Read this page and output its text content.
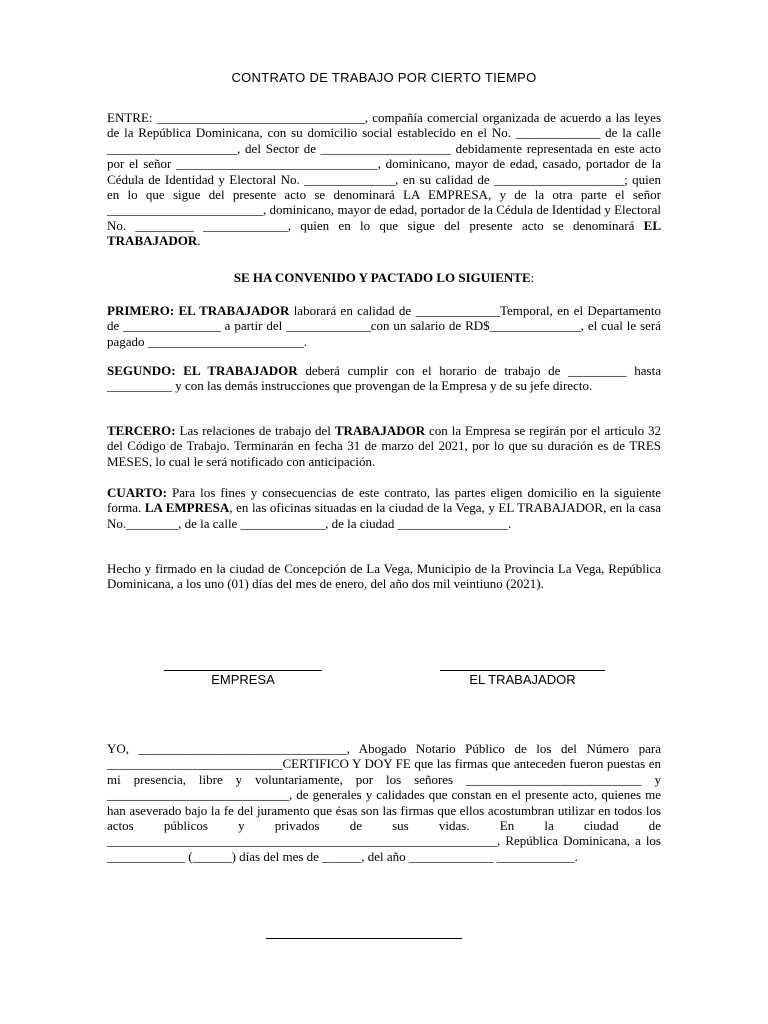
CONTRATO DE TRABAJO POR CIERTO TIEMPO
ENTRE: ________________________________, compañía comercial organizada de acuerdo a las leyes de la República Dominicana, con su domicilio social establecido en el No. _____________ de la calle ____________________, del Sector de ____________________ debidamente representada en este acto por el señor _______________________________, dominicano, mayor de edad, casado, portador de la Cédula de Identidad y Electoral No. ______________, en su calidad de ____________________; quien en lo que sigue del presente acto se denominará LA EMPRESA, y de la otra parte el señor ________________________, dominicano, mayor de edad, portador de la Cédula de Identidad y Electoral No. _________ _____________, quien en lo que sigue del presente acto se denominará EL TRABAJADOR.
SE HA CONVENIDO Y PACTADO LO SIGUIENTE:
PRIMERO: EL TRABAJADOR laborará en calidad de _____________Temporal, en el Departamento de _______________ a partir del _____________con un salario de RD$______________, el cual le será pagado ________________________.
SEGUNDO: EL TRABAJADOR deberá cumplir con el horario de trabajo de _________ hasta __________ y con las demás instrucciones que provengan de la Empresa y de su jefe directo.
TERCERO: Las relaciones de trabajo del TRABAJADOR con la Empresa se regirán por el articulo 32 del Código de Trabajo. Terminarán en fecha 31 de marzo del 2021, por lo que su duración es de TRES MESES, lo cual le será notificado con anticipación.
CUARTO: Para los fines y consecuencias de este contrato, las partes eligen domicilio en la siguiente forma. LA EMPRESA, en las oficinas situadas en la ciudad de la Vega, y EL TRABAJADOR, en la casa No.________, de la calle _____________, de la ciudad _________________.
Hecho y firmado en la ciudad de Concepción de La Vega, Municipio de la Provincia La Vega, República Dominicana, a los uno (01) días del mes de enero, del año dos mil veintiuno (2021).
YO, ________________________________, Abogado Notario Público de los del Número para ___________________________CERTIFICO Y DOY FE que las firmas que anteceden fueron puestas en mi presencia, libre y voluntariamente, por los señores ___________________________ y ____________________________, de generales y calidades que constan en el presente acto, quienes me han aseverado bajo la fe del juramento que ésas son las firmas que ellos acostumbran utilizar en todos los actos públicos y privados de sus vidas. En la ciudad de ____________________________________________________________, República Dominicana, a los ____________ (______) días del mes de ______, del año _____________ ____________.
EMPRESA	EL TRABAJADOR
